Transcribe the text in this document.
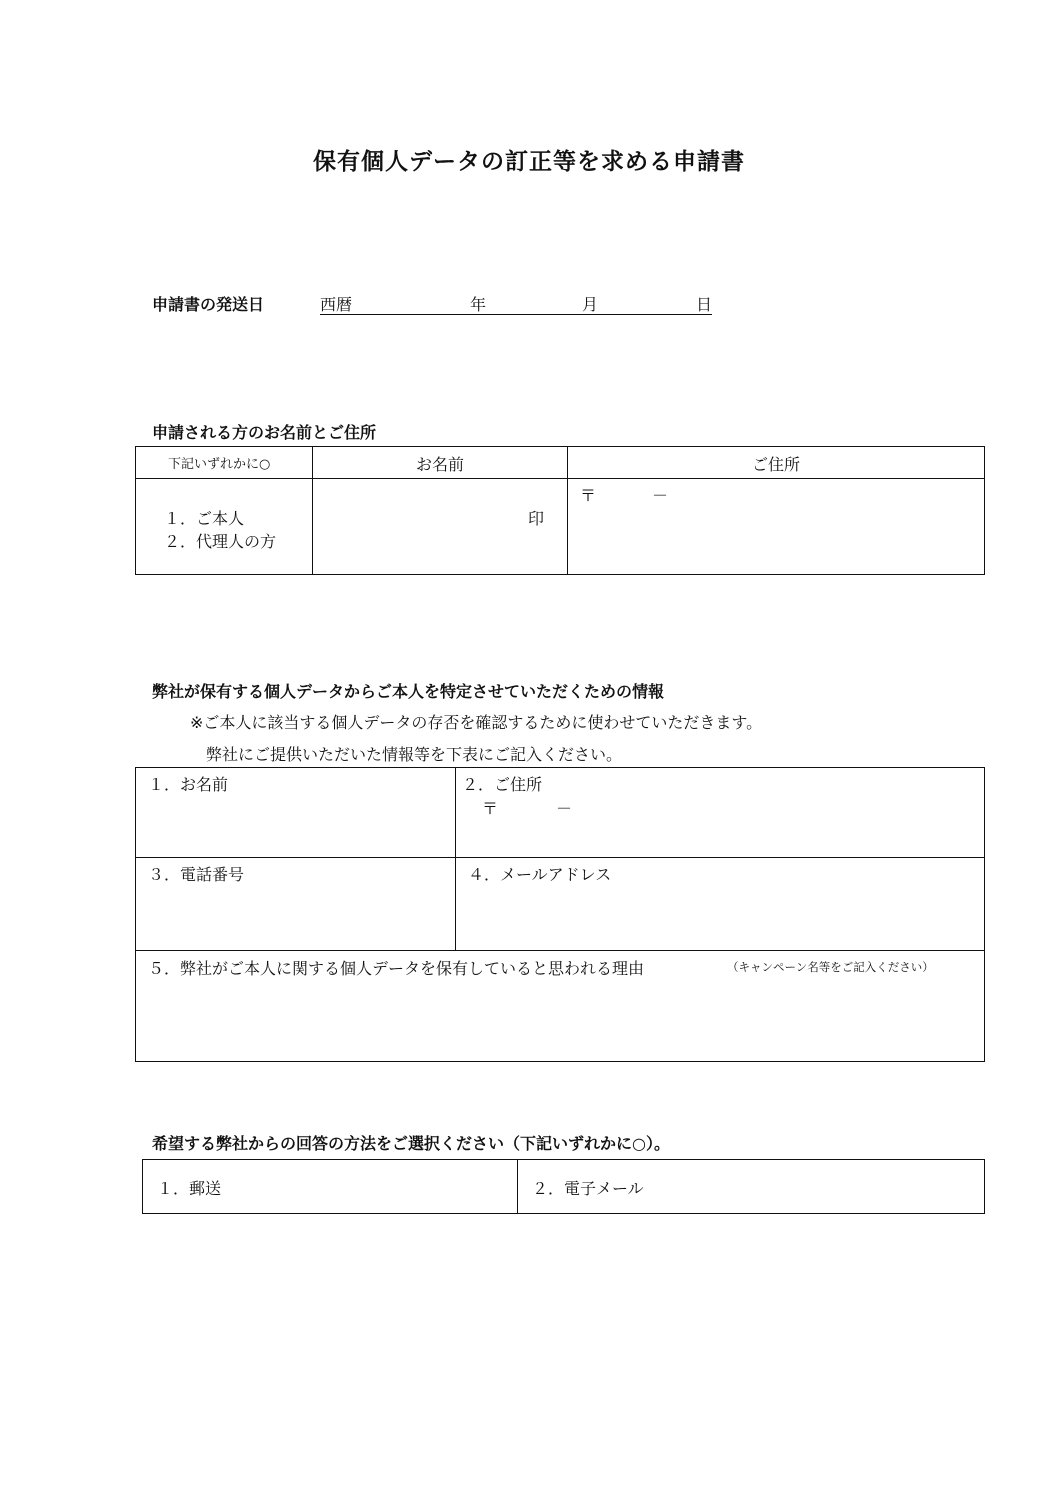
保有個人データの訂正等を求める申請書
申請書の発送日	西暦	年	月	日
申請される方のお名前とご住所
下記いずれかに○	お名前	ご住所

１．ご本人
２．代理人の方	印	〒 －
弊社が保有する個人データからご本人を特定させていただくための情報
※ご本人に該当する個人データの存否を確認するために使わせていただきます。
弊社にご提供いただいた情報等を下表にご記入ください。
１．お名前	２．ご住所
〒 －

３．電話番号	４．メールアドレス

５．弊社がご本人に関する個人データを保有していると思われる理由 （キャンペーン名等をご記入ください）	
希望する弊社からの回答の方法をご選択ください（下記いずれかに○）。
１．郵送	２．電子メール
